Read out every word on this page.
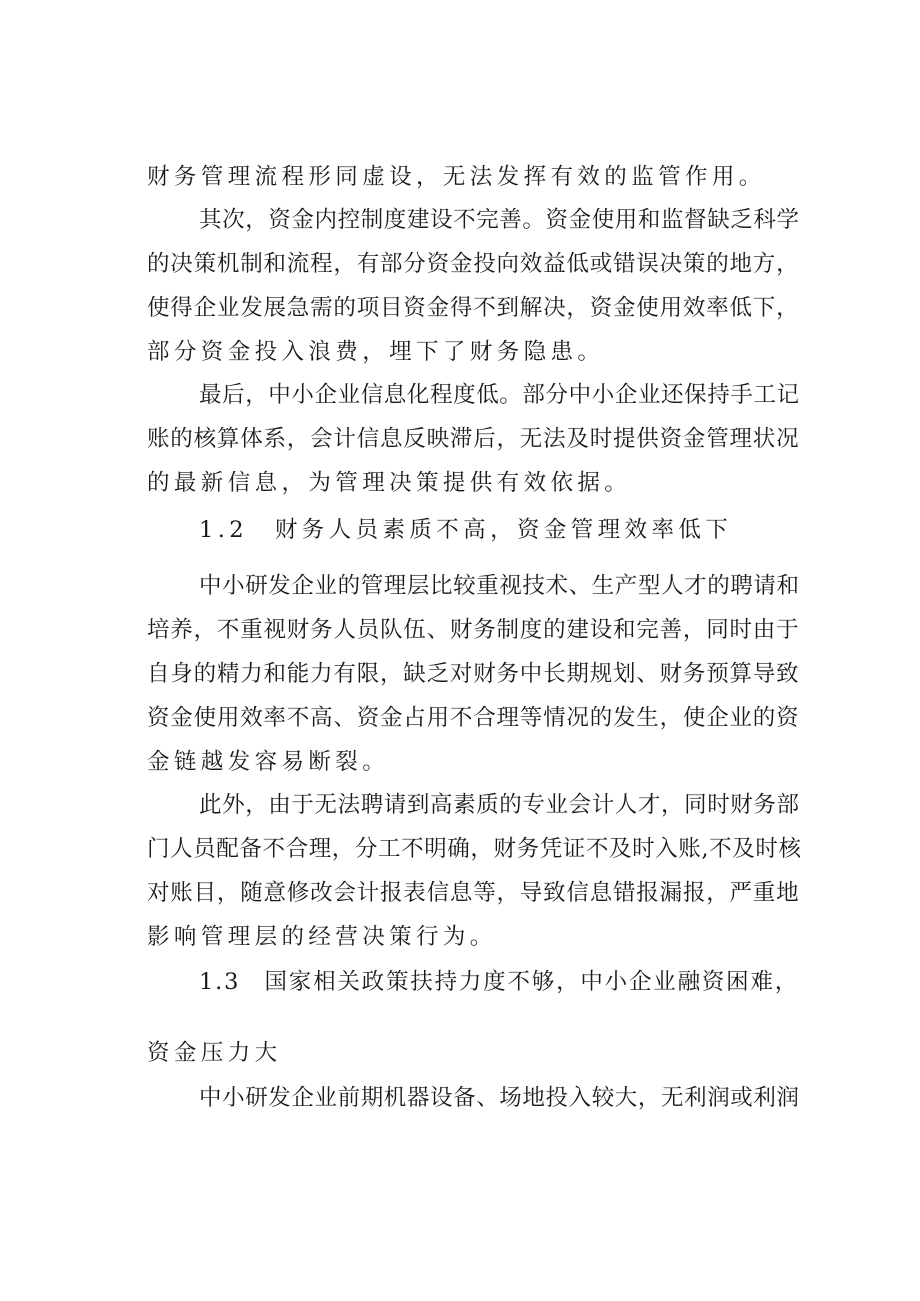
财务管理流程形同虚设，无法发挥有效的监管作用。
其次，资金内控制度建设不完善。资金使用和监督缺乏科学
的决策机制和流程，有部分资金投向效益低或错误决策的地方，
使得企业发展急需的项目资金得不到解决，资金使用效率低下，
部分资金投入浪费，埋下了财务隐患。
最后，中小企业信息化程度低。部分中小企业还保持手工记
账的核算体系，会计信息反映滞后，无法及时提供资金管理状况
的最新信息，为管理决策提供有效依据。
1.2　财务人员素质不高，资金管理效率低下
中小研发企业的管理层比较重视技术、生产型人才的聘请和
培养，不重视财务人员队伍、财务制度的建设和完善，同时由于
自身的精力和能力有限，缺乏对财务中长期规划、财务预算导致
资金使用效率不高、资金占用不合理等情况的发生，使企业的资
金链越发容易断裂。
此外，由于无法聘请到高素质的专业会计人才，同时财务部
门人员配备不合理，分工不明确，财务凭证不及时入账,不及时核
对账目，随意修改会计报表信息等，导致信息错报漏报，严重地
影响管理层的经营决策行为。
1.3　国家相关政策扶持力度不够，中小企业融资困难，
资金压力大
中小研发企业前期机器设备、场地投入较大，无利润或利润
